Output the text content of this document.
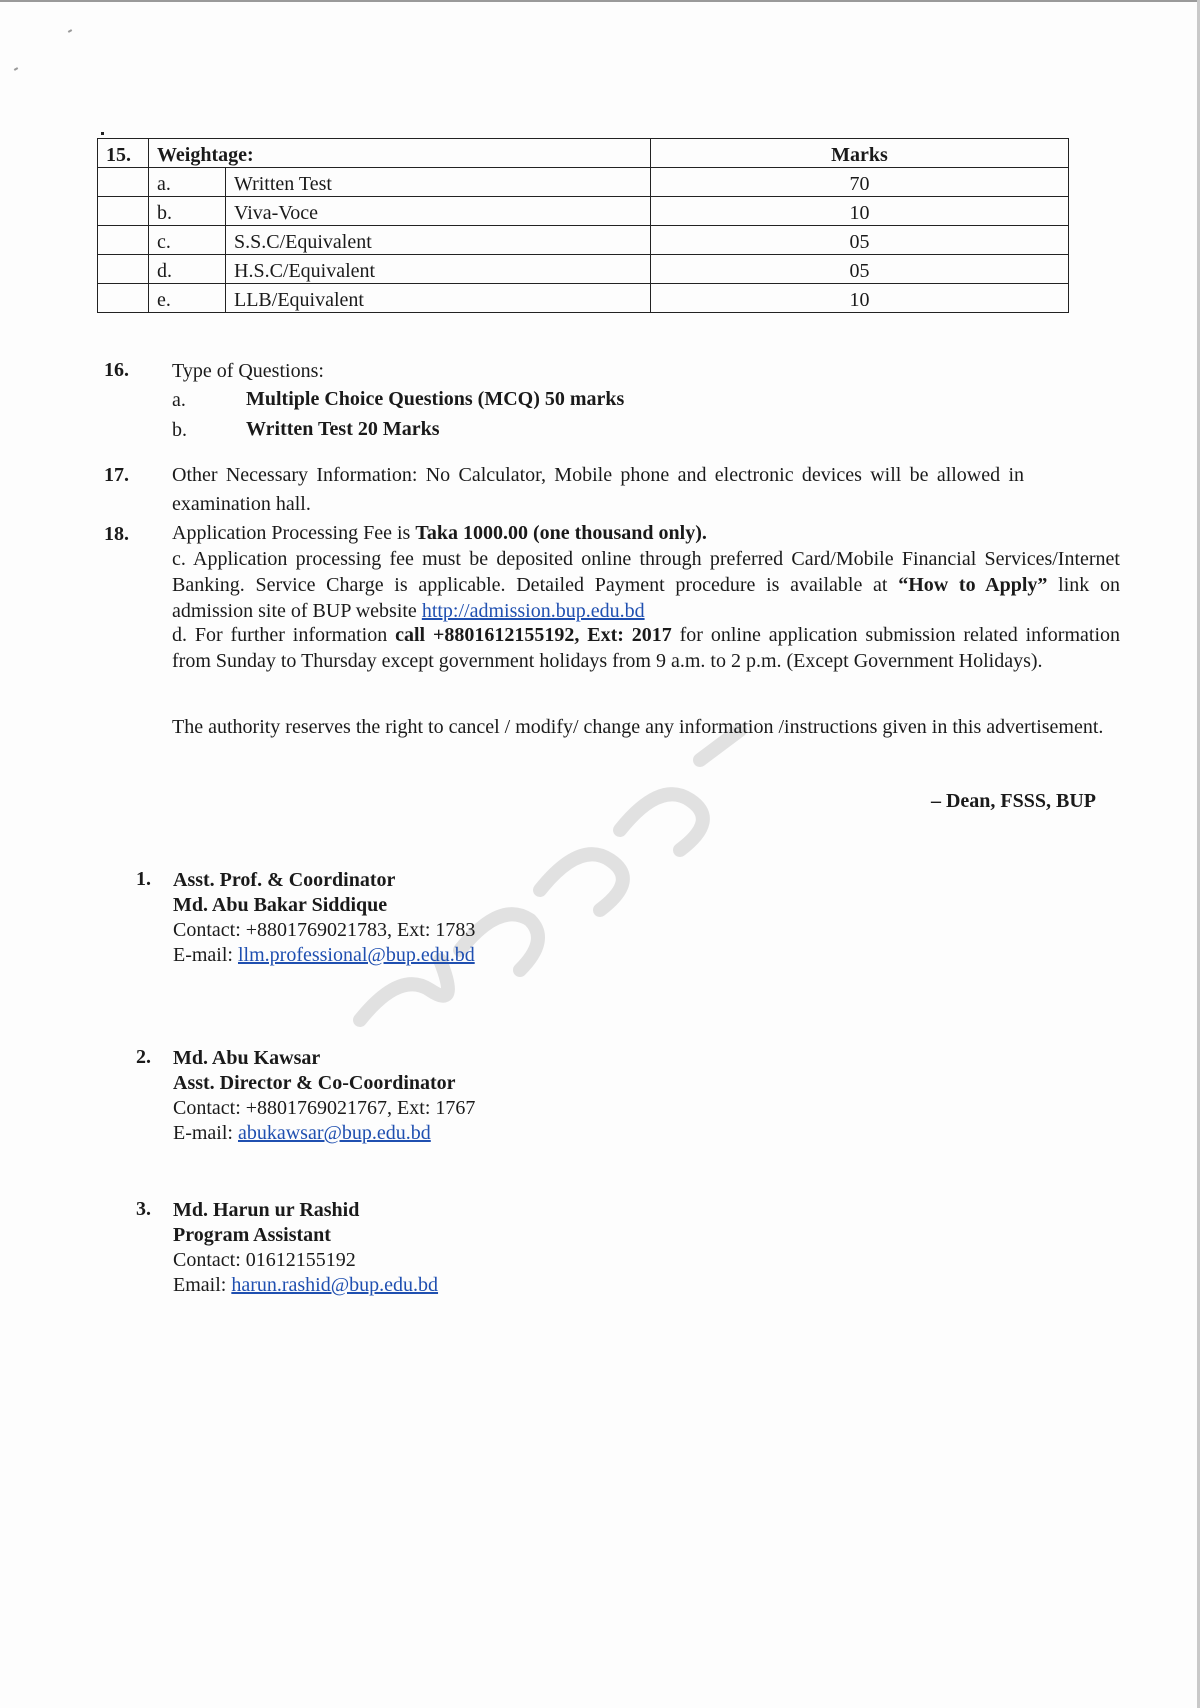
15.	Weightage:		Marks
	a.	Written Test	70
	b.	Viva-Voce	10
	c.	S.S.C/Equivalent	05
	d.	H.S.C/Equivalent	05
	e.	LLB/Equivalent	10
16. Type of Questions:
a.	Multiple Choice Questions (MCQ) 50 marks
b.	Written Test 20 Marks
17. Other Necessary Information: No Calculator, Mobile phone and electronic devices will be allowed in examination hall.
18. Application Processing Fee is Taka 1000.00 (one thousand only).
c. Application processing fee must be deposited online through preferred Card/Mobile Financial Services/Internet Banking. Service Charge is applicable. Detailed Payment procedure is available at “How to Apply” link on admission site of BUP website http://admission.bup.edu.bd
d. For further information call +8801612155192, Ext: 2017 for online application submission related information from Sunday to Thursday except government holidays from 9 a.m. to 2 p.m. (Except Government Holidays).
The authority reserves the right to cancel / modify/ change any information /instructions given in this advertisement.
– Dean, FSSS, BUP
1. Asst. Prof. & Coordinator
Md. Abu Bakar Siddique
Contact: +8801769021783, Ext: 1783
E-mail: llm.professional@bup.edu.bd
2. Md. Abu Kawsar
Asst. Director & Co-Coordinator
Contact: +8801769021767, Ext: 1767
E-mail: abukawsar@bup.edu.bd
3. Md. Harun ur Rashid
Program Assistant
Contact: 01612155192
Email: harun.rashid@bup.edu.bd
